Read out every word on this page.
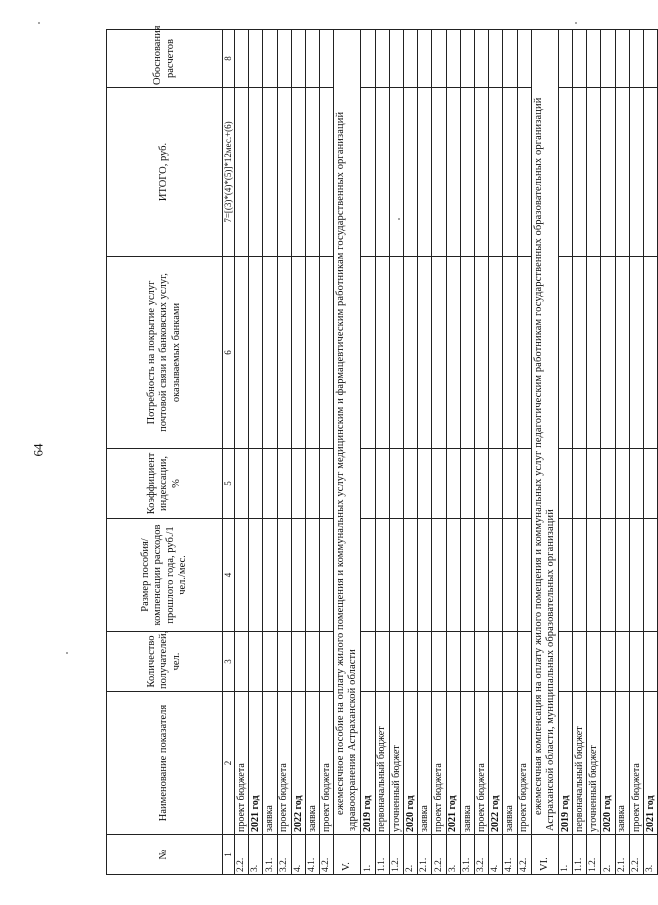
64
№	Наименование показателя	Количество получателей, чел.	Размер пособия/компенсации расходов прошлого года, руб./1 чел./мес.	Коэффициент индексации, %	Потребность на покрытие услуг почтовой связи и банковских услуг, оказываемых банками	ИТОГО, руб.	Обоснования расчетов
1	2	3	4	5	6	7=[(3)*(4)*(5)]*12мес.+(6)	8
2.2.	проект бюджета						
3.	2021 год						
3.1.	заявка						
3.2.	проект бюджета						
4.	2022 год						
4.1.	заявка						
4.2.	проект бюджета						
V.	ежемесячное пособие на оплату жилого помещения и коммунальных услуг медицинским и фармацевтическим работникам государственных организаций здравоохранения Астраханской области						
1.	2019 год						
1.1.	первоначальный бюджет						
1.2.	уточненный бюджет						
2.	2020 год						
2.1.	заявка						
2.2.	проект бюджета						
3.	2021 год						
3.1.	заявка						
3.2.	проект бюджета						
4.	2022 год						
4.1.	заявка						
4.2.	проект бюджета						
VI.	ежемесячная компенсация на оплату жилого помещения и коммунальных услуг педагогическим работникам государственных образовательных организаций Астраханской области, муниципальных образовательных организаций						
1.	2019 год						
1.1.	первоначальный бюджет						
1.2.	уточненный бюджет						
2.	2020 год						
2.1.	заявка						
2.2.	проект бюджета						
3.	2021 год						
